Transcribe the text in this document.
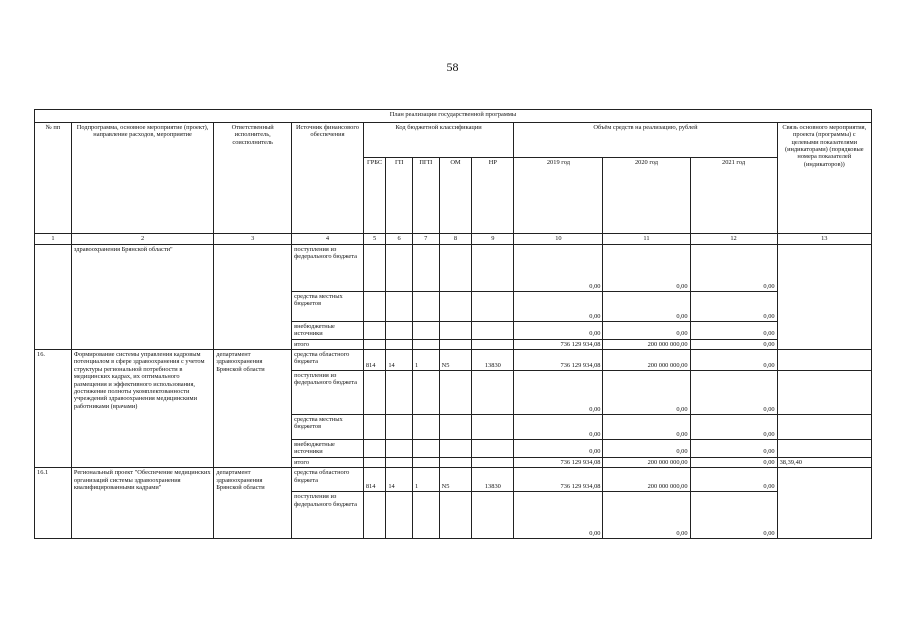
58
План реализации государственной программы												
№ пп	Подпрограмма, основное мероприятие (проект), направление расходов, мероприятие	Ответственный исполнитель, соисполнитель	Источник финансового обеспечения	Код бюджетной классификации					Объём средств на реализацию, рублей			Связь основного мероприятия, проекта (программы) с целевыми показателями (индикаторами) (порядковые номера показателей (индикаторов))
				ГРБС	ГП	ПГП	ОМ	НР	2019 год	2020 год	2021 год	
1	2	3	4	5	6	7	8	9	10	11	12	13
	здравоохранения Брянской области"		поступления из федерального бюджета						0,00	0,00	0,00	
			средства местных бюджетов						0,00	0,00	0,00	
			внебюджетные источники						0,00	0,00	0,00	
			итого						736 129 934,08	200 000 000,00	0,00	
16.	Формирование системы управления кадровым потенциалом в сфере здравоохранения с учетом структуры региональной потребности в медицинских кадрах, их оптимального размещения и эффективного использования, достижение полноты укомплектованности учреждений здравоохранения медицинскими работниками (врачами)	департамент здравоохранения Брянской области	средства областного бюджета	814	14	1	N5	13830	736 129 934,08	200 000 000,00	0,00	
			поступления из федерального бюджета						0,00	0,00	0,00	
			средства местных бюджетов						0,00	0,00	0,00	
			внебюджетные источники						0,00	0,00	0,00	
			итого						736 129 934,08	200 000 000,00	0,00	38,39,40
16.1	Региональный проект "Обеспечение медицинских организаций системы здравоохранения квалифицированными кадрами"	департамент здравоохранения Брянской области	средства областного бюджета	814	14	1	N5	13830	736 129 934,08	200 000 000,00	0,00	
			поступления из федерального бюджета						0,00	0,00	0,00	
